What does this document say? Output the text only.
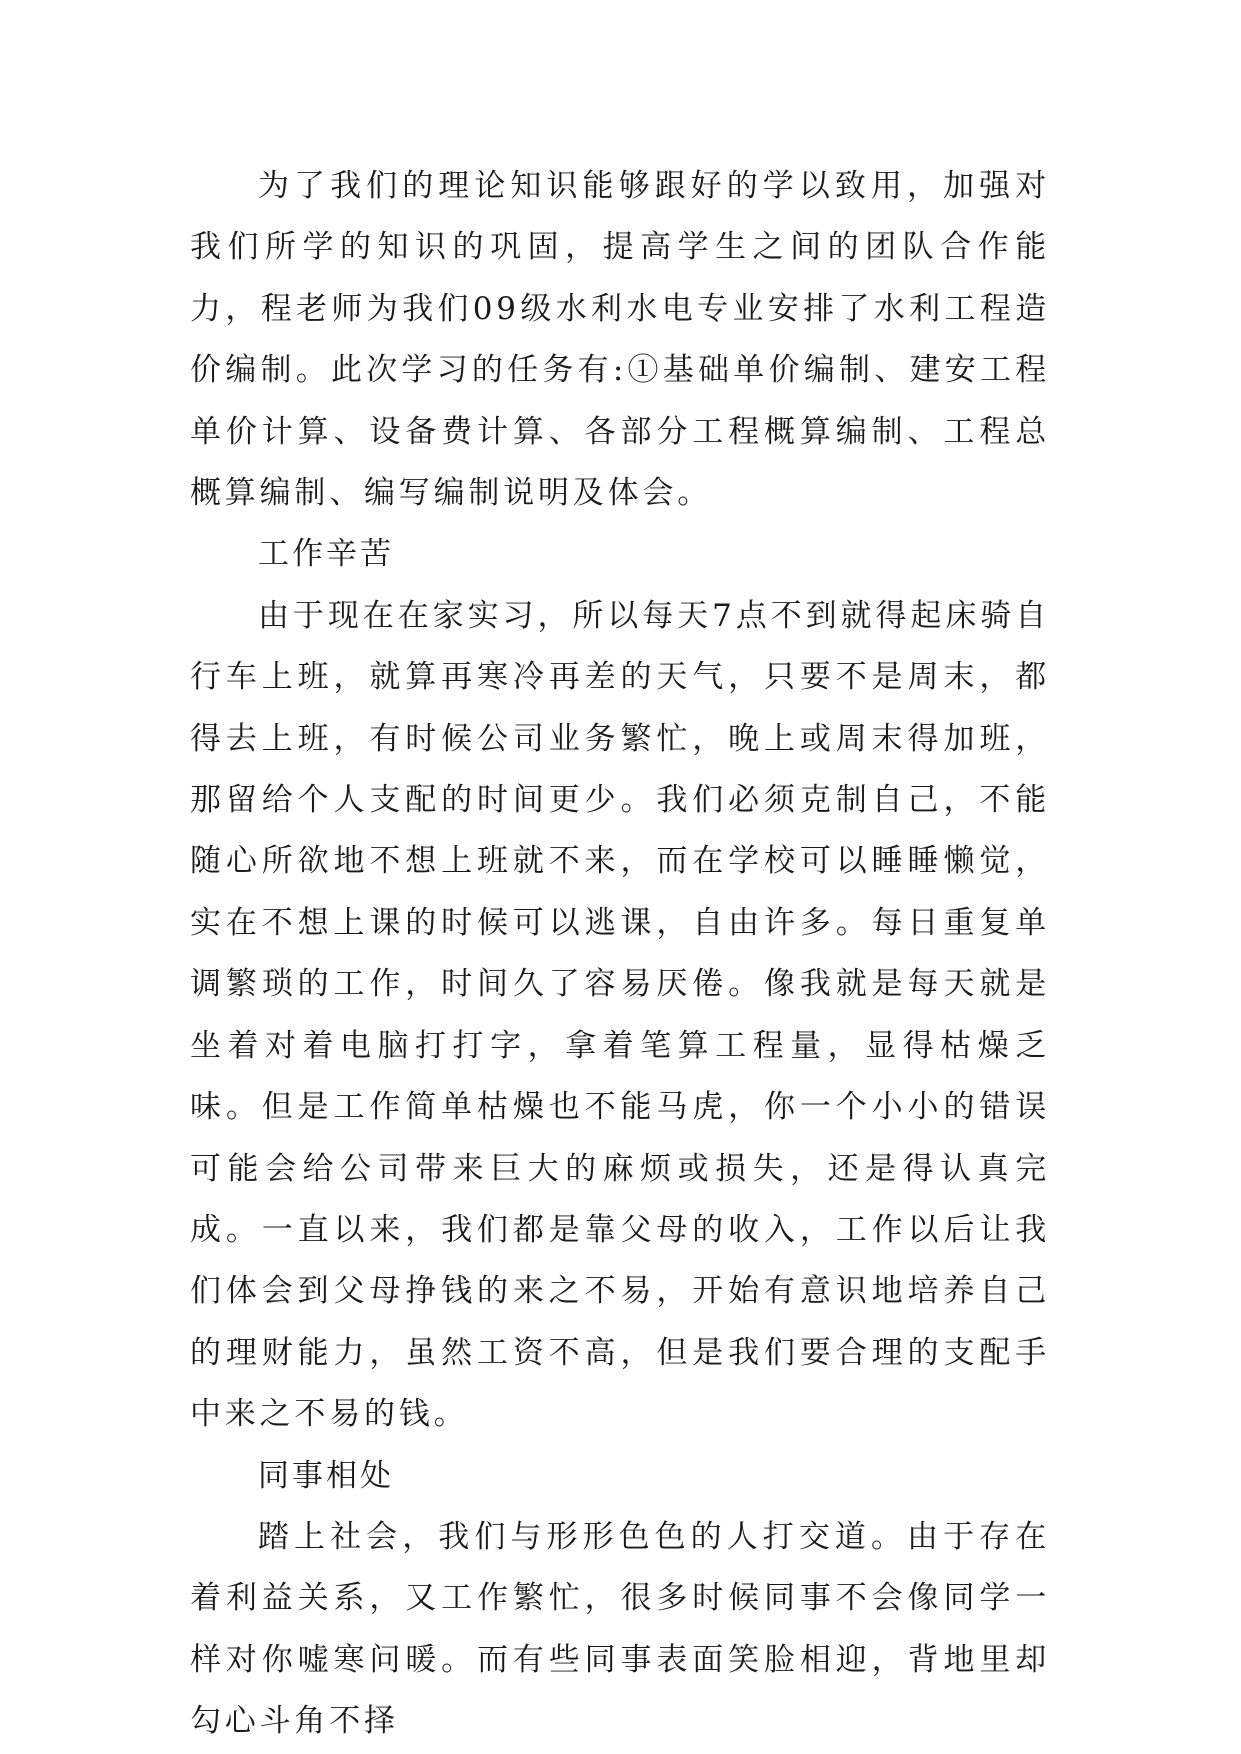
为了我们的理论知识能够跟好的学以致用，加强对我们所学的知识的巩固，提高学生之间的团队合作能力，程老师为我们09级水利水电专业安排了水利工程造价编制。此次学习的任务有:①基础单价编制、建安工程单价计算、设备费计算、各部分工程概算编制、工程总概算编制、编写编制说明及体会。

工作辛苦

由于现在在家实习，所以每天7点不到就得起床骑自行车上班，就算再寒冷再差的天气，只要不是周末，都得去上班，有时候公司业务繁忙，晚上或周末得加班，那留给个人支配的时间更少。我们必须克制自己，不能随心所欲地不想上班就不来，而在学校可以睡睡懒觉，实在不想上课的时候可以逃课，自由许多。每日重复单调繁琐的工作，时间久了容易厌倦。像我就是每天就是坐着对着电脑打打字，拿着笔算工程量，显得枯燥乏味。但是工作简单枯燥也不能马虎，你一个小小的错误可能会给公司带来巨大的麻烦或损失，还是得认真完成。一直以来，我们都是靠父母的收入，工作以后让我们体会到父母挣钱的来之不易，开始有意识地培养自己的理财能力，虽然工资不高，但是我们要合理的支配手中来之不易的钱。

同事相处

踏上社会，我们与形形色色的人打交道。由于存在着利益关系，又工作繁忙，很多时候同事不会像同学一样对你嘘寒问暖。而有些同事表面笑脸相迎，背地里却勾心斗角不择
